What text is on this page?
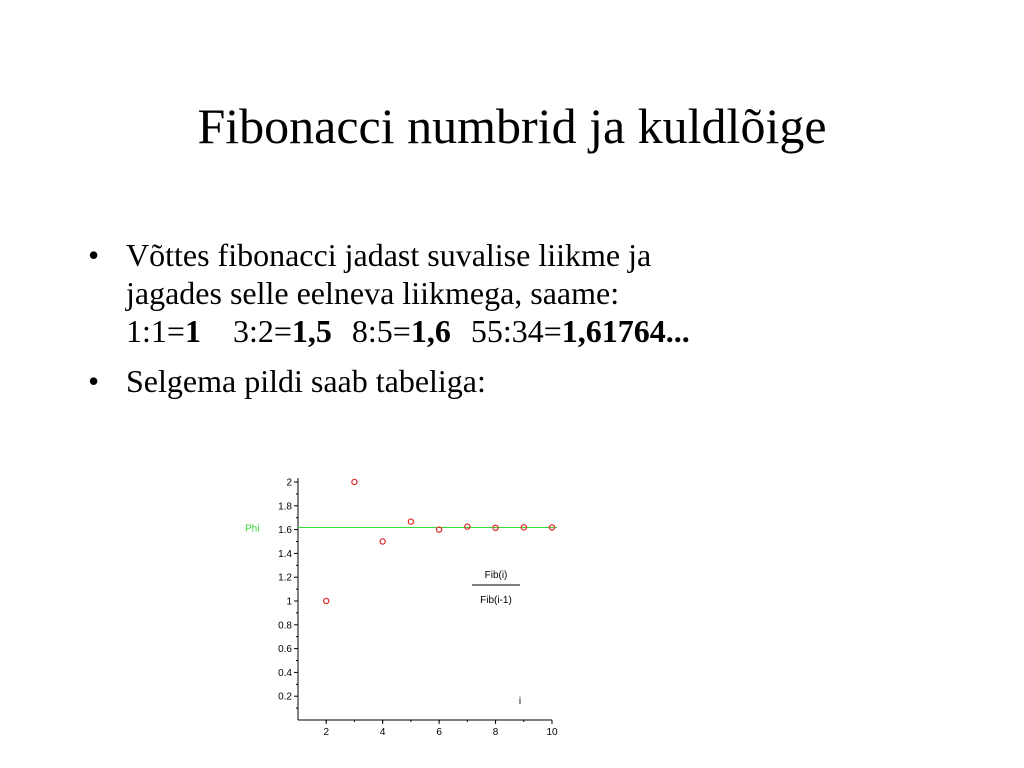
Fibonacci numbrid ja kuldlõige
• Võttes fibonacci jadast suvalise liikme ja
jagades selle eelneva liikmega, saame:
1:1=1 3:2=1,5 8:5=1,6 55:34=1,61764...
• Selgema pildi saab tabeliga:
0.2
0.4
0.6
0.8
1
1.2
1.4
1.6
1.8
2
2	4	6	8	10
Phi
Fib(i)
Fib(i-1)
i
